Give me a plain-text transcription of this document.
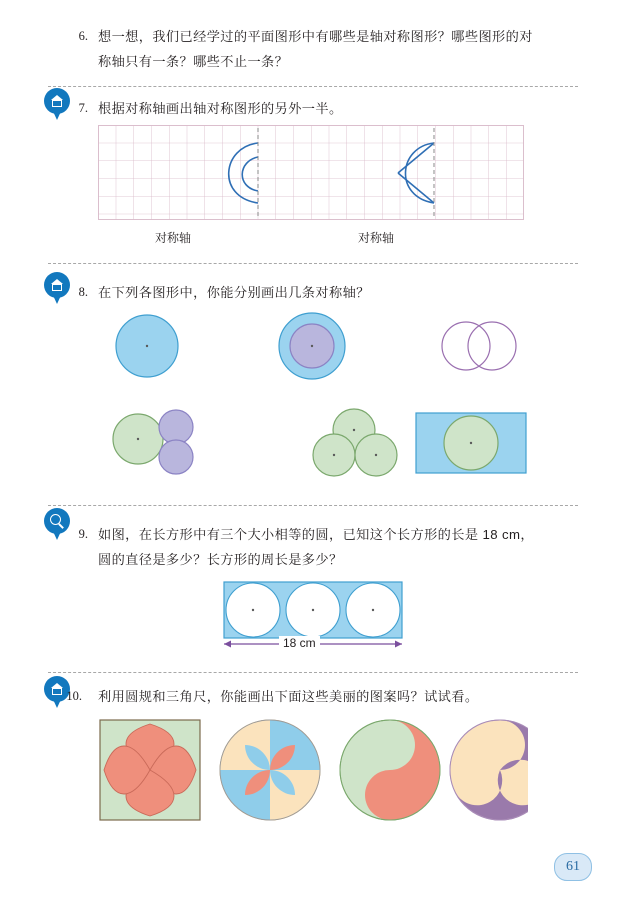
6. 想一想，我们已经学过的平面图形中有哪些是轴对称图形？哪些图形的对
称轴只有一条？哪些不止一条？
7. 根据对称轴画出轴对称图形的另外一半。
对称轴	对称轴
8. 在下列各图形中，你能分别画出几条对称轴？
9. 如图，在长方形中有三个大小相等的圆，已知这个长方形的长是 18 cm，
圆的直径是多少？长方形的周长是多少？
18 cm
10. 利用圆规和三角尺，你能画出下面这些美丽的图案吗？试试看。
61
